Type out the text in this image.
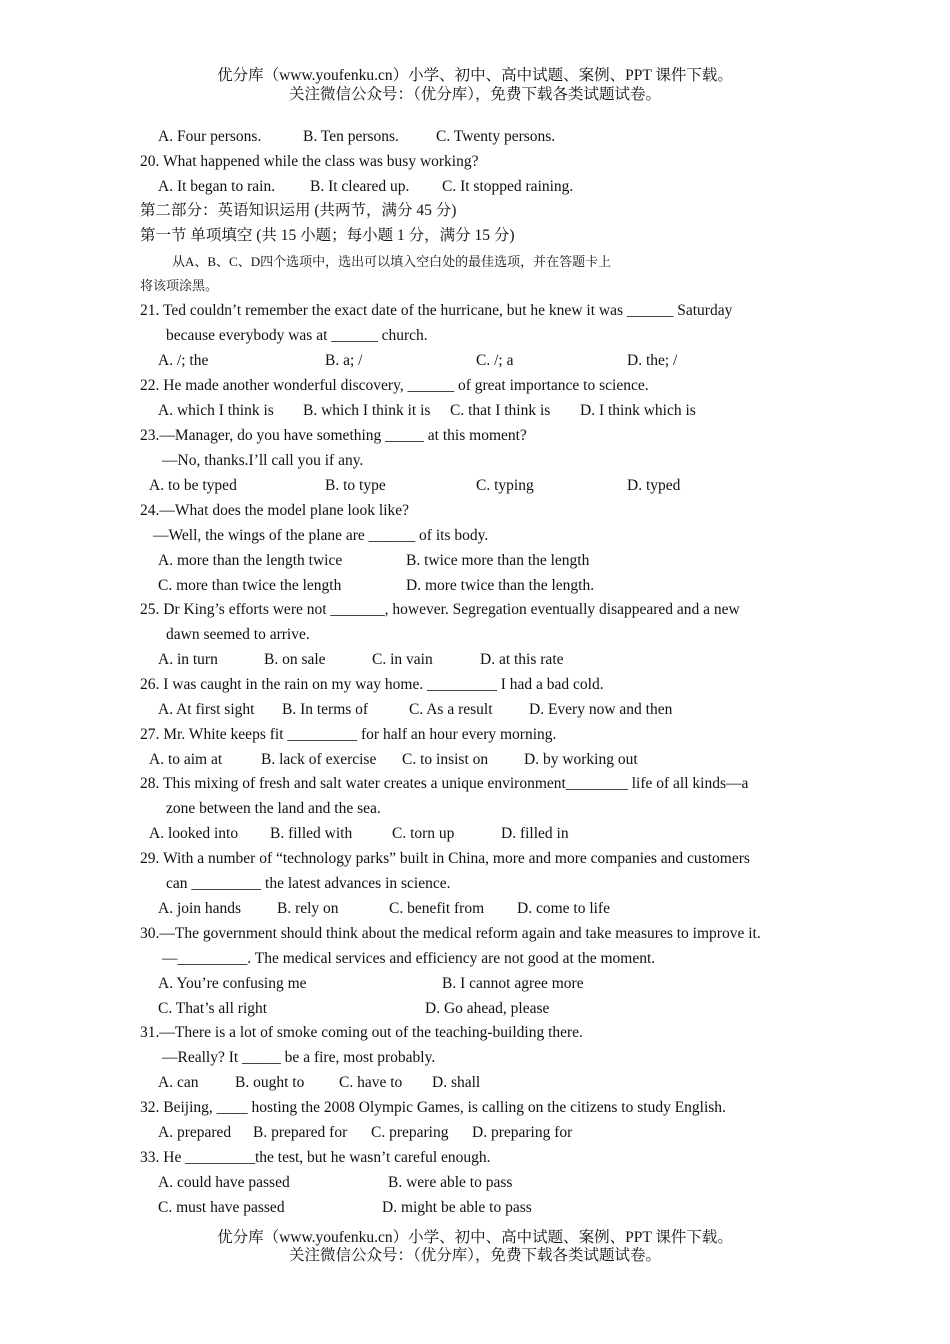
优分库（www.youfenku.cn）小学、初中、高中试题、案例、PPT 课件下载。
关注微信公众号：（优分库），免费下载各类试题试卷。
A. Four persons.	B. Ten persons. C. Twenty persons.
20. What happened while the class was busy working?
A. It began to rain. B. It cleared up. C. It stopped raining.
第二部分：英语知识运用 (共两节，满分 45 分)
第一节 单项填空 (共 15 小题；每小题 1 分，满分 15 分)
从A、B、C、D四个选项中，选出可以填入空白处的最佳选项，并在答题卡上
将该项涂黑。
21. Ted couldn’t remember the exact date of the hurricane, but he knew it was ______ Saturday
because everybody was at ______ church.
A. /; the	B. a; /	C. /; a	D. the; /
22. He made another wonderful discovery, ______ of great importance to science.
A. which I think is B. which I think it is C. that I think is D. I think which is
23.—Manager, do you have something _____ at this moment?
—No, thanks.I’ll call you if any.
A. to be typed	B. to type	C. typing	D. typed
24.—What does the model plane look like?
—Well, the wings of the plane are ______ of its body.
A. more than the length twice	B. twice more than the length
C. more than twice the length	D. more twice than the length.
25. Dr King’s efforts were not _______, however. Segregation eventually disappeared and a new
dawn seemed to arrive.
A. in turn	B. on sale	C. in vain	D. at this rate
26. I was caught in the rain on my way home. _________ I had a bad cold.
A. At first sight B. In terms of	C. As a result D. Every now and then
27. Mr. White keeps fit _________ for half an hour every morning.
A. to aim at	B. lack of exercise C. to insist on D. by working out
28. This mixing of fresh and salt water creates a unique environment________ life of all kinds—a
zone between the land and the sea.
A. looked into B. filled with	C. torn up	D. filled in
29. With a number of “technology parks” built in China, more and more companies and customers
can _________ the latest advances in science.
A. join hands B. rely on	C. benefit from D. come to life
30.—The government should think about the medical reform again and take measures to improve it.
—_________. The medical services and efficiency are not good at the moment.
A. You’re confusing me	B. I cannot agree more
C. That’s all right	D. Go ahead, please
31.—There is a lot of smoke coming out of the teaching-building there.
—Really? It _____ be a fire, most probably.
A. can B. ought to C. have to D. shall
32. Beijing, ____ hosting the 2008 Olympic Games, is calling on the citizens to study English.
A. prepared B. prepared for C. preparing D. preparing for
33. He _________the test, but he wasn’t careful enough.
A. could have passed	B. were able to pass
C. must have passed	D. might be able to pass
优分库（www.youfenku.cn）小学、初中、高中试题、案例、PPT 课件下载。
关注微信公众号：（优分库），免费下载各类试题试卷。
